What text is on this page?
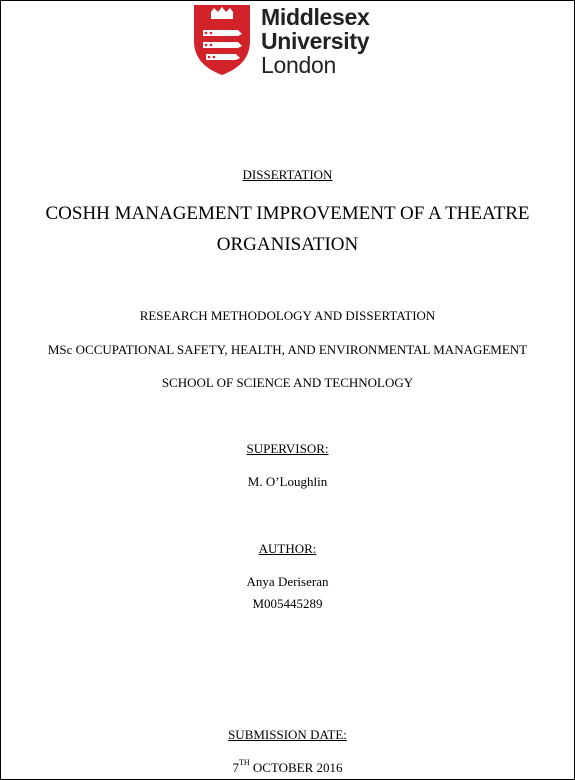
Middlesex
University
London
DISSERTATION
COSHH MANAGEMENT IMPROVEMENT OF A THEATRE
ORGANISATION
RESEARCH METHODOLOGY AND DISSERTATION
MSc OCCUPATIONAL SAFETY, HEALTH, AND ENVIRONMENTAL MANAGEMENT
SCHOOL OF SCIENCE AND TECHNOLOGY
SUPERVISOR:
M. O’Loughlin
AUTHOR:
Anya Deriseran
M005445289
SUBMISSION DATE:
7TH OCTOBER 2016
